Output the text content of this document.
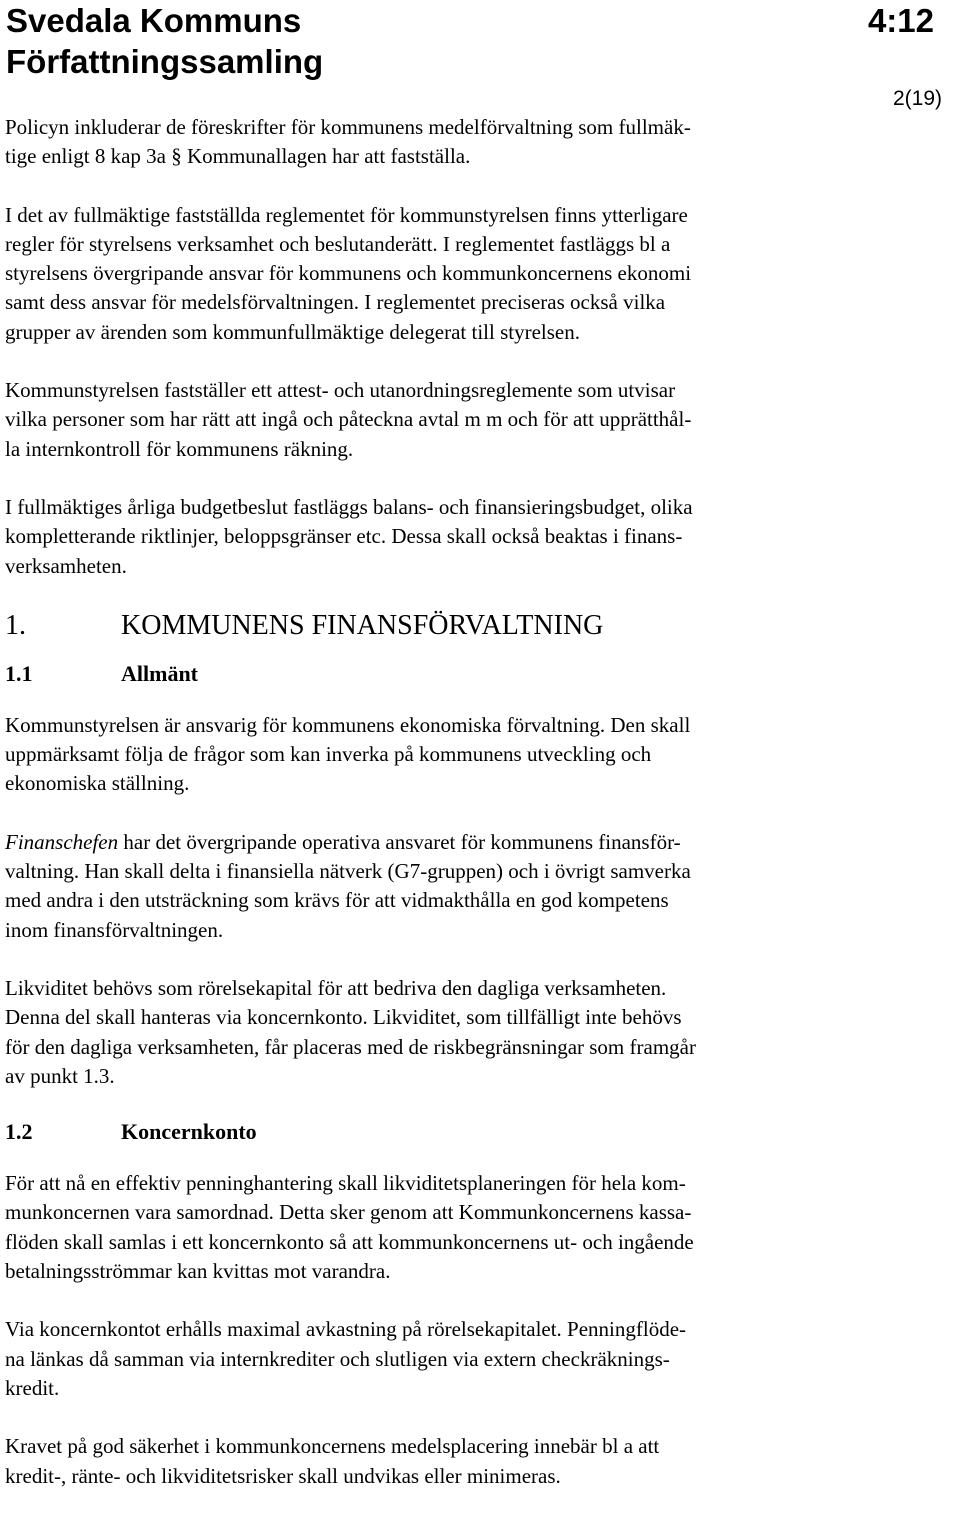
Svedala Kommuns
Författningssamling
4:12
2(19)

Policyn inkluderar de föreskrifter för kommunens medelförvaltning som fullmäk-
tige enligt 8 kap 3a § Kommunallagen har att fastställa.

I det av fullmäktige fastställda reglementet för kommunstyrelsen finns ytterligare
regler för styrelsens verksamhet och beslutanderätt. I reglementet fastläggs bl a
styrelsens övergripande ansvar för kommunens och kommunkoncernens ekonomi
samt dess ansvar för medelsförvaltningen. I reglementet preciseras också vilka
grupper av ärenden som kommunfullmäktige delegerat till styrelsen.

Kommunstyrelsen fastställer ett attest- och utanordningsreglemente som utvisar
vilka personer som har rätt att ingå och påteckna avtal m m och för att upprätthål-
la internkontroll för kommunens räkning.

I fullmäktiges årliga budgetbeslut fastläggs balans- och finansieringsbudget, olika
kompletterande riktlinjer, beloppsgränser etc. Dessa skall också beaktas i finans-
verksamheten.

1.	KOMMUNENS FINANSFÖRVALTNING
1.1	Allmänt

Kommunstyrelsen är ansvarig för kommunens ekonomiska förvaltning. Den skall
uppmärksamt följa de frågor som kan inverka på kommunens utveckling och
ekonomiska ställning.

Finanschefen har det övergripande operativa ansvaret för kommunens finansför-
valtning. Han skall delta i finansiella nätverk (G7-gruppen) och i övrigt samverka
med andra i den utsträckning som krävs för att vidmakthålla en god kompetens
inom finansförvaltningen.

Likviditet behövs som rörelsekapital för att bedriva den dagliga verksamheten.
Denna del skall hanteras via koncernkonto. Likviditet, som tillfälligt inte behövs
för den dagliga verksamheten, får placeras med de riskbegränsningar som framgår
av punkt 1.3.

1.2	Koncernkonto

För att nå en effektiv penninghantering skall likviditetsplaneringen för hela kom-
munkoncernen vara samordnad. Detta sker genom att Kommunkoncernens kassa-
flöden skall samlas i ett koncernkonto så att kommunkoncernens ut- och ingående
betalningsströmmar kan kvittas mot varandra.

Via koncernkontot erhålls maximal avkastning på rörelsekapitalet. Penningflöde-
na länkas då samman via internkrediter och slutligen via extern checkräknings-
kredit.

Kravet på god säkerhet i kommunkoncernens medelsplacering innebär bl a att
kredit-, ränte- och likviditetsrisker skall undvikas eller minimeras.
